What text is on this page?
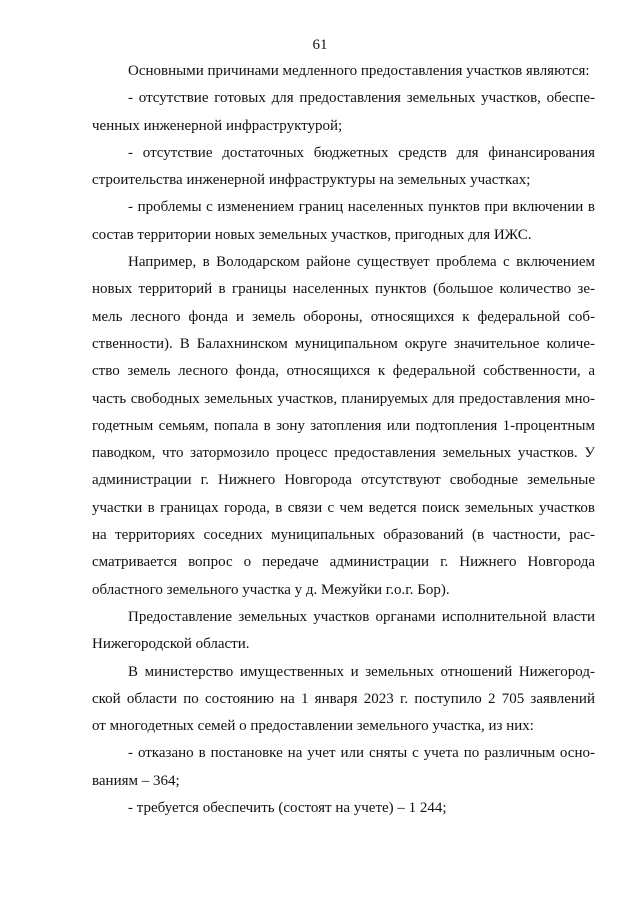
61
Основными причинами медленного предоставления участков являются:
- отсутствие готовых для предоставления земельных участков, обеспе-
ченных инженерной инфраструктурой;
- отсутствие достаточных бюджетных средств для финансирования
строительства инженерной инфраструктуры на земельных участках;
- проблемы с изменением границ населенных пунктов при включении в
состав территории новых земельных участков, пригодных для ИЖС.
Например, в Володарском районе существует проблема с включением
новых территорий в границы населенных пунктов (большое количество зе-
мель лесного фонда и земель обороны, относящихся к федеральной соб-
ственности). В Балахнинском муниципальном округе значительное количе-
ство земель лесного фонда, относящихся к федеральной собственности, а
часть свободных земельных участков, планируемых для предоставления мно-
годетным семьям, попала в зону затопления или подтопления 1-процентным
паводком, что затормозило процесс предоставления земельных участков. У
администрации г. Нижнего Новгорода отсутствуют свободные земельные
участки в границах города, в связи с чем ведется поиск земельных участков
на территориях соседних муниципальных образований (в частности, рас-
сматривается вопрос о передаче администрации г. Нижнего Новгорода
областного земельного участка у д. Межуйки г.о.г. Бор).
Предоставление земельных участков органами исполнительной власти
Нижегородской области.
В министерство имущественных и земельных отношений Нижегород-
ской области по состоянию на 1 января 2023 г. поступило 2 705 заявлений
от многодетных семей о предоставлении земельного участка, из них:
- отказано в постановке на учет или сняты с учета по различным осно-
ваниям – 364;
- требуется обеспечить (состоят на учете) – 1 244;
